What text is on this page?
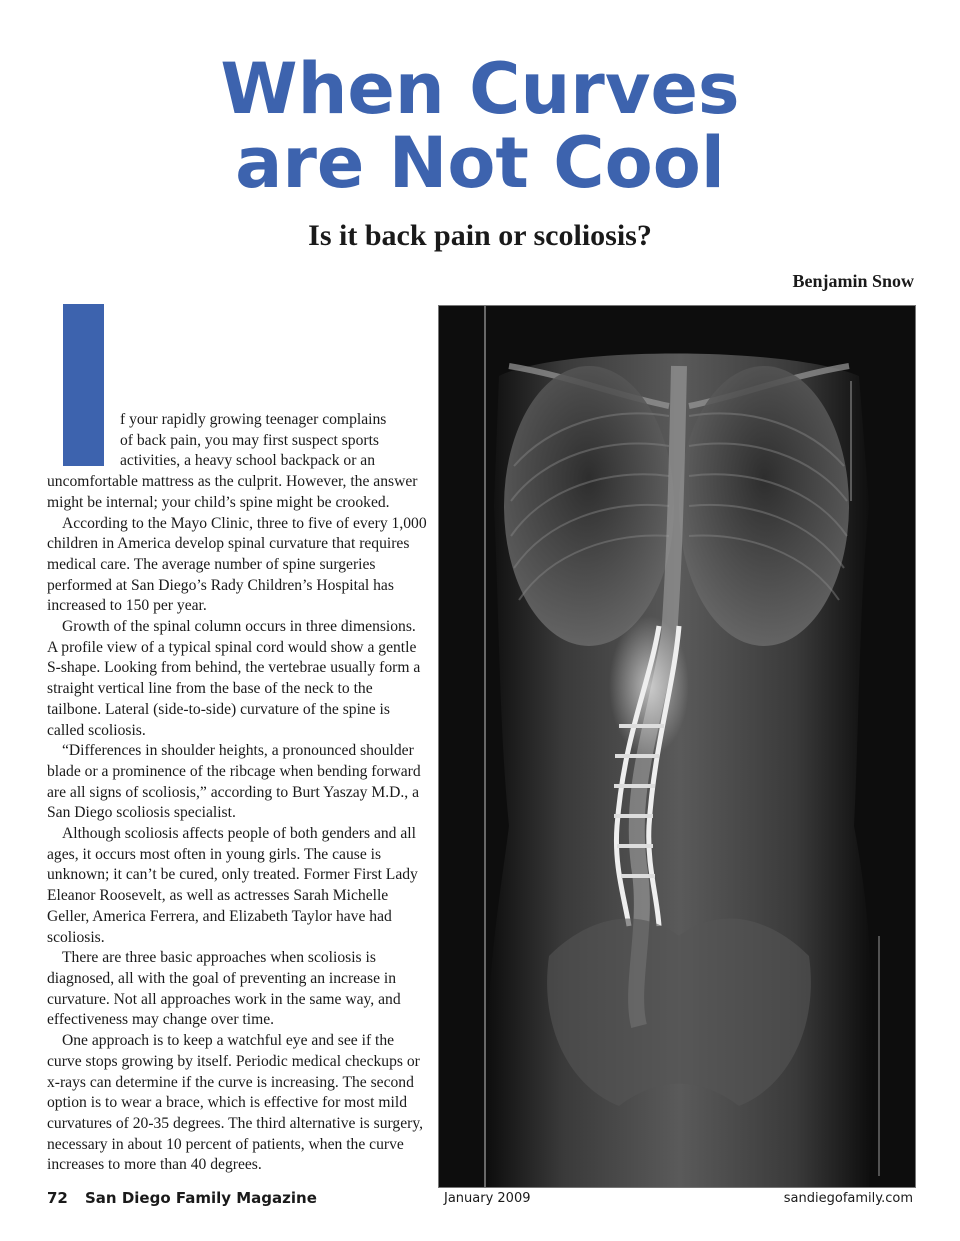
When Curves
are Not Cool
Is it back pain or scoliosis?
Benjamin Snow

f your rapidly growing teenager complains
of back pain, you may first suspect sports
activities, a heavy school backpack or an
uncomfortable mattress as the culprit. However, the answer
might be internal; your child’s spine might be crooked.

According to the Mayo Clinic, three to five of every 1,000 children in America develop spinal curvature that requires medical care. The average number of spine surgeries performed at San Diego’s Rady Children’s Hospital has increased to 150 per year.

Growth of the spinal column occurs in three dimensions. A profile view of a typical spinal cord would show a gentle S-shape. Looking from behind, the vertebrae usually form a straight vertical line from the base of the neck to the tailbone. Lateral (side-to-side) curvature of the spine is called scoliosis.

“Differences in shoulder heights, a pronounced shoulder blade or a prominence of the ribcage when bending forward are all signs of scoliosis,” according to Burt Yaszay M.D., a San Diego scoliosis specialist.

Although scoliosis affects people of both genders and all ages, it occurs most often in young girls. The cause is unknown; it can’t be cured, only treated. Former First Lady Eleanor Roosevelt, as well as actresses Sarah Michelle Geller, America Ferrera, and Elizabeth Taylor have had scoliosis.

There are three basic approaches when scoliosis is diagnosed, all with the goal of preventing an increase in curvature. Not all approaches work in the same way, and effectiveness may change over time.

One approach is to keep a watchful eye and see if the curve stops growing by itself. Periodic medical checkups or x-rays can determine if the curve is increasing. The second option is to wear a brace, which is effective for most mild curvatures of 20-35 degrees. The third alternative is surgery, necessary in about 10 percent of patients, when the curve increases to more than 40 degrees.

72 San Diego Family Magazine	January 2009	sandiegofamily.com
